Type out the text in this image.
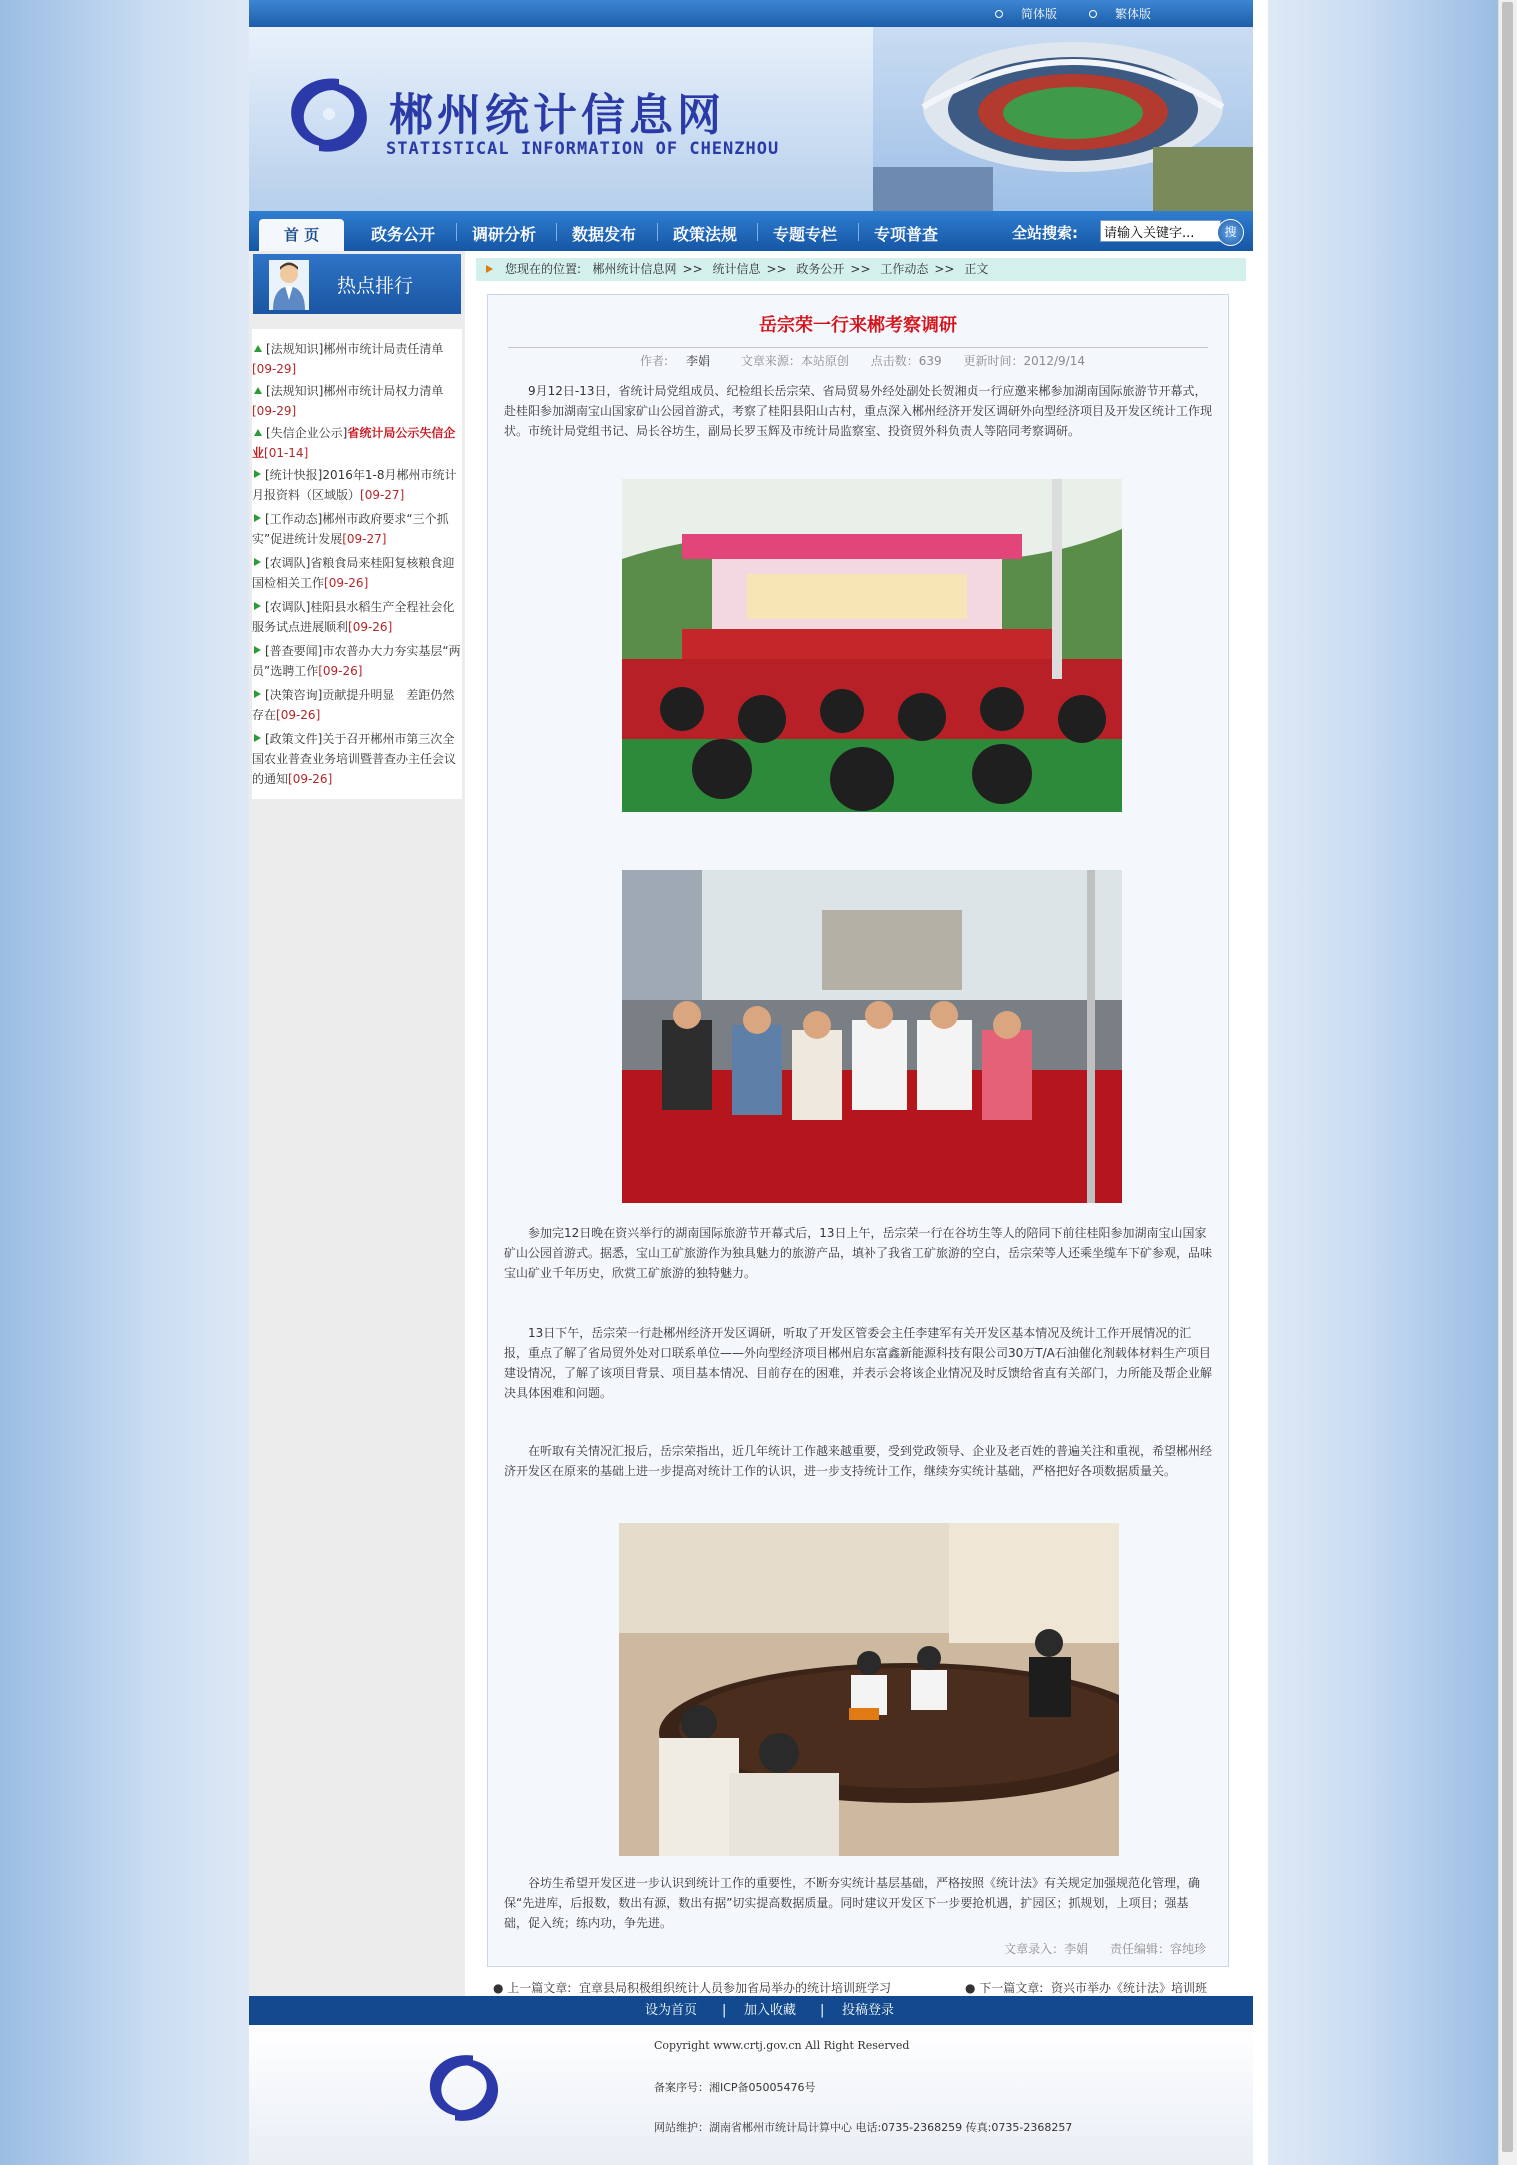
简体版	繁体版
郴州统计信息网
STATISTICAL INFORMATION OF CHENZHOU
首 页	政务公开 调研分析 数据发布 政策法规 专题专栏 专项普查	全站搜索:
请输入关键字...	搜
热点排行
[法规知识]郴州市统计局责任清单
[09-29]
[法规知识]郴州市统计局权力清单
[09-29]
[失信企业公示]省统计局公示失信企业[01-14]
[统计快报]2016年1-8月郴州市统计月报资料（区域版）[09-27]
[工作动态]郴州市政府要求“三个抓实”促进统计发展[09-27]
[农调队]省粮食局来桂阳复核粮食迎国检相关工作[09-26]
[农调队]桂阳县水稻生产全程社会化服务试点进展顺利[09-26]
[普查要闻]市农普办大力夯实基层“两员”选聘工作[09-26]
[决策咨询]贡献提升明显　差距仍然存在[09-26]
[政策文件]关于召开郴州市第三次全国农业普查业务培训暨普查办主任会议的通知[09-26]
您现在的位置: 郴州统计信息网 >> 统计信息 >> 政务公开 >> 工作动态 >> 正文
岳宗荣一行来郴考察调研
作者: 李娟	文章来源：本站原创 点击数：639 更新时间：2012/9/14
9月12日-13日，省统计局党组成员、纪检组长岳宗荣、省局贸易外经处副处长贺湘贞一行应邀来郴参加湖南国际旅游节开幕式，赴桂阳参加湖南宝山国家矿山公园首游式，考察了桂阳县阳山古村，重点深入郴州经济开发区调研外向型经济项目及开发区统计工作现状。市统计局党组书记、局长谷坊生，副局长罗玉辉及市统计局监察室、投资贸外科负责人等陪同考察调研。
参加完12日晚在资兴举行的湖南国际旅游节开幕式后，13日上午，岳宗荣一行在谷坊生等人的陪同下前往桂阳参加湖南宝山国家矿山公园首游式。据悉，宝山工矿旅游作为独具魅力的旅游产品，填补了我省工矿旅游的空白，岳宗荣等人还乘坐缆车下矿参观，品味宝山矿业千年历史，欣赏工矿旅游的独特魅力。
13日下午，岳宗荣一行赴郴州经济开发区调研，听取了开发区管委会主任李建军有关开发区基本情况及统计工作开展情况的汇报，重点了解了省局贸外处对口联系单位——外向型经济项目郴州启东富鑫新能源科技有限公司30万T/A石油催化剂载体材料生产项目建设情况，了解了该项目背景、项目基本情况、目前存在的困难，并表示会将该企业情况及时反馈给省直有关部门，力所能及帮企业解决具体困难和问题。
在听取有关情况汇报后，岳宗荣指出，近几年统计工作越来越重要，受到党政领导、企业及老百姓的普遍关注和重视，希望郴州经济开发区在原来的基础上进一步提高对统计工作的认识，进一步支持统计工作，继续夯实统计基础，严格把好各项数据质量关。
谷坊生希望开发区进一步认识到统计工作的重要性，不断夯实统计基层基础，严格按照《统计法》有关规定加强规范化管理，确保“先进库，后报数，数出有源，数出有据”切实提高数据质量。同时建议开发区下一步要抢机遇，扩园区；抓规划，上项目；强基础，促入统；练内功，争先进。
文章录入：李娟 责任编辑：容纯珍
● 上一篇文章: 宜章县局积极组织统计人员参加省局举办的统计培训班学习	● 下一篇文章: 资兴市举办《统计法》培训班
设为首页 | 加入收藏 | 投稿登录
Copyright www.crtj.gov.cn All Right Reserved
备案序号：湘ICP备05005476号
网站维护：湖南省郴州市统计局计算中心 电话:0735-2368259 传真:0735-2368257
